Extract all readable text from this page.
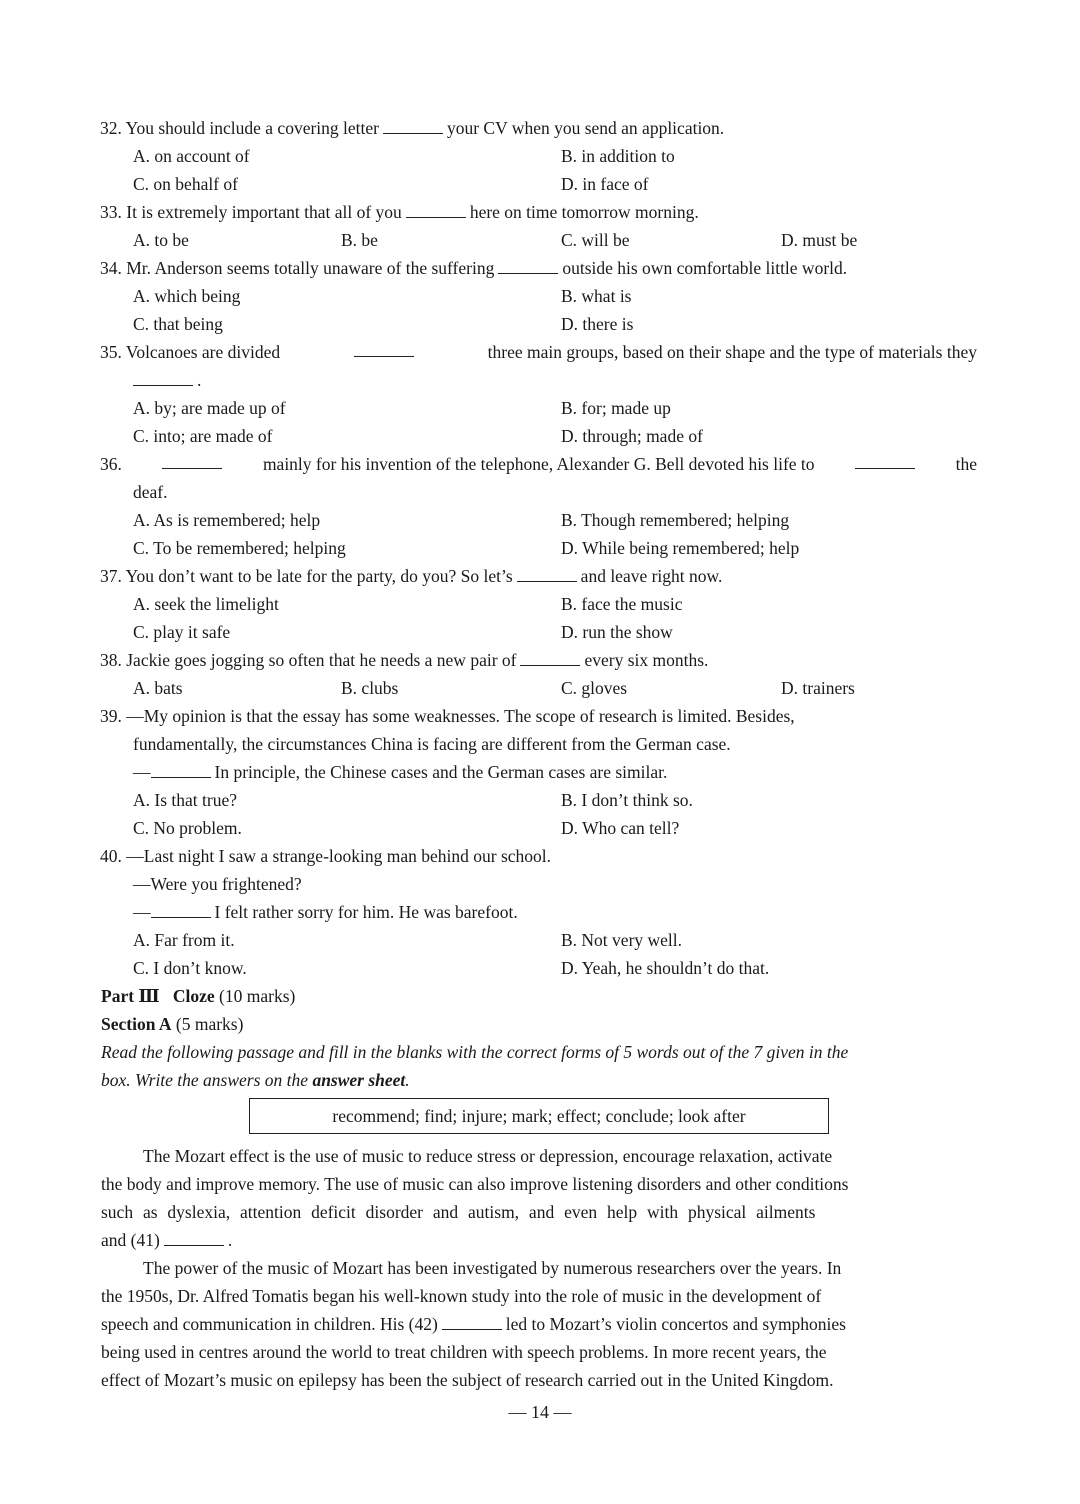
32. You should include a covering letter	your CV when you send an application.
A. on account of	B. in addition to
C. on behalf of	D. in face of
33. It is extremely important that all of you	here on time tomorrow morning.
A. to be	B. be	C. will be	D. must be
34. Mr. Anderson seems totally unaware of the suffering	outside his own comfortable little world.
A. which being	B. what is
C. that being	D. there is
35. Volcanoes are divided	three main groups, based on their shape and the type of materials they
.
A. by; are made up of	B. for; made up
C. into; are made of	D. through; made of
36.	mainly for his invention of the telephone, Alexander G. Bell devoted his life to	the
deaf.
A. As is remembered; help	B. Though remembered; helping
C. To be remembered; helping	D. While being remembered; help
37. You don’t want to be late for the party, do you? So let’s	and leave right now.
A. seek the limelight	B. face the music
C. play it safe	D. run the show
38. Jackie goes jogging so often that he needs a new pair of	every six months.
A. bats	B. clubs	C. gloves	D. trainers
39. —My opinion is that the essay has some weaknesses. The scope of research is limited. Besides,
fundamentally, the circumstances China is facing are different from the German case.
—	In principle, the Chinese cases and the German cases are similar.
A. Is that true?	B. I don’t think so.
C. No problem.	D. Who can tell?
40. —Last night I saw a strange-looking man behind our school.
—Were you frightened?
—	I felt rather sorry for him. He was barefoot.
A. Far from it.	B. Not very well.
C. I don’t know.	D. Yeah, he shouldn’t do that.
Part Ⅲ Cloze (10 marks)
Section A (5 marks)
Read the following passage and fill in the blanks with the correct forms of 5 words out of the 7 given in the
box. Write the answers on the answer sheet.
recommend; find; injure; mark; effect; conclude; look after
The Mozart effect is the use of music to reduce stress or depression, encourage relaxation, activate
the body and improve memory. The use of music can also improve listening disorders and other conditions
such as dyslexia, attention deficit disorder and autism, and even help with physical ailments
and (41)	.
The power of the music of Mozart has been investigated by numerous researchers over the years. In
the 1950s, Dr. Alfred Tomatis began his well-known study into the role of music in the development of
speech and communication in children. His (42)	led to Mozart’s violin concertos and symphonies
being used in centres around the world to treat children with speech problems. In more recent years, the
effect of Mozart’s music on epilepsy has been the subject of research carried out in the United Kingdom.
— 14 —
